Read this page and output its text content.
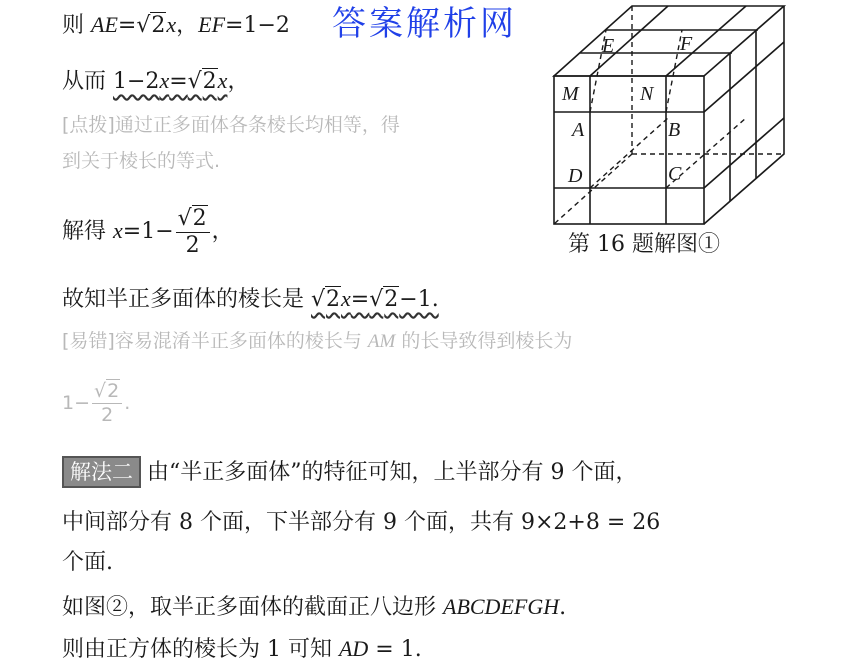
答案解析网
则 AE=√2x，EF=1−2
从而 1−2x=√2x，
[点拨]通过正多面体各条棱长均相等，得
到关于棱长的等式.
解得 $x=1- \frac{√2}{2}$ ，
故知半正多面体的棱长是 √2x=√2−1.
[易错]容易混淆半正多面体的棱长与 AM 的长导致得到棱长为
$1- \frac{√2}{2}$ .
解法二 由“半正多面体”的特征可知，上半部分有 9 个面，
中间部分有 8 个面，下半部分有 9 个面，共有 9×2+8 = 26
个面.
如图②，取半正多面体的截面正八边形 ABCDEFGH.
则由正方体的棱长为 1 可知 AD = 1.
E	F
M	N
A	B
D	C
第 16 题解图①
